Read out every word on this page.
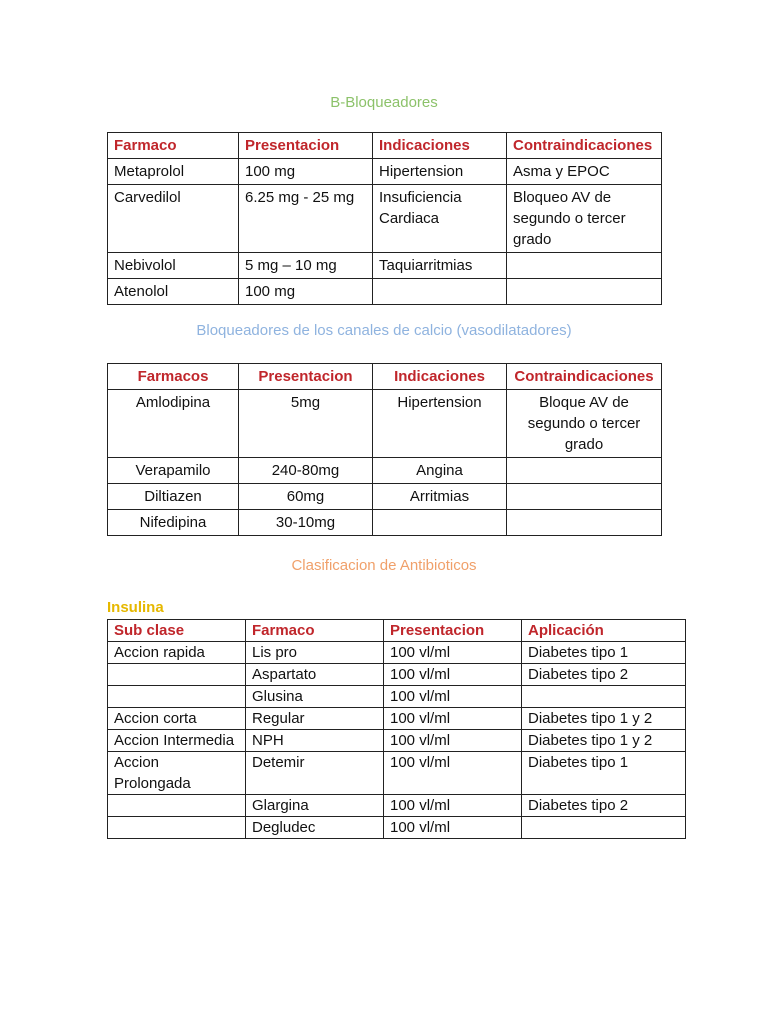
B-Bloqueadores
Farmaco	Presentacion	Indicaciones	Contraindicaciones
Metaprolol	100 mg	Hipertension	Asma y EPOC
Carvedilol	6.25 mg - 25 mg	Insuficiencia Cardiaca	Bloqueo AV de segundo o tercer grado
Nebivolol	5 mg – 10 mg	Taquiarritmias	
Atenolol	100 mg		
Bloqueadores de los canales de calcio (vasodilatadores)
Farmacos	Presentacion	Indicaciones	Contraindicaciones
Amlodipina	5mg	Hipertension	Bloque AV de segundo o tercer grado
Verapamilo	240-80mg	Angina	
Diltiazen	60mg	Arritmias	
Nifedipina	30-10mg		
Clasificacion de Antibioticos
Insulina
Sub clase	Farmaco	Presentacion	Aplicación
Accion rapida	Lis pro	100 vl/ml	Diabetes tipo 1
	Aspartato	100 vl/ml	Diabetes tipo 2
	Glusina	100 vl/ml	
Accion corta	Regular	100 vl/ml	Diabetes tipo 1 y 2
Accion Intermedia	NPH	100 vl/ml	Diabetes tipo 1 y 2
Accion Prolongada	Detemir	100 vl/ml	Diabetes tipo 1
	Glargina	100 vl/ml	Diabetes tipo 2
	Degludec	100 vl/ml	
